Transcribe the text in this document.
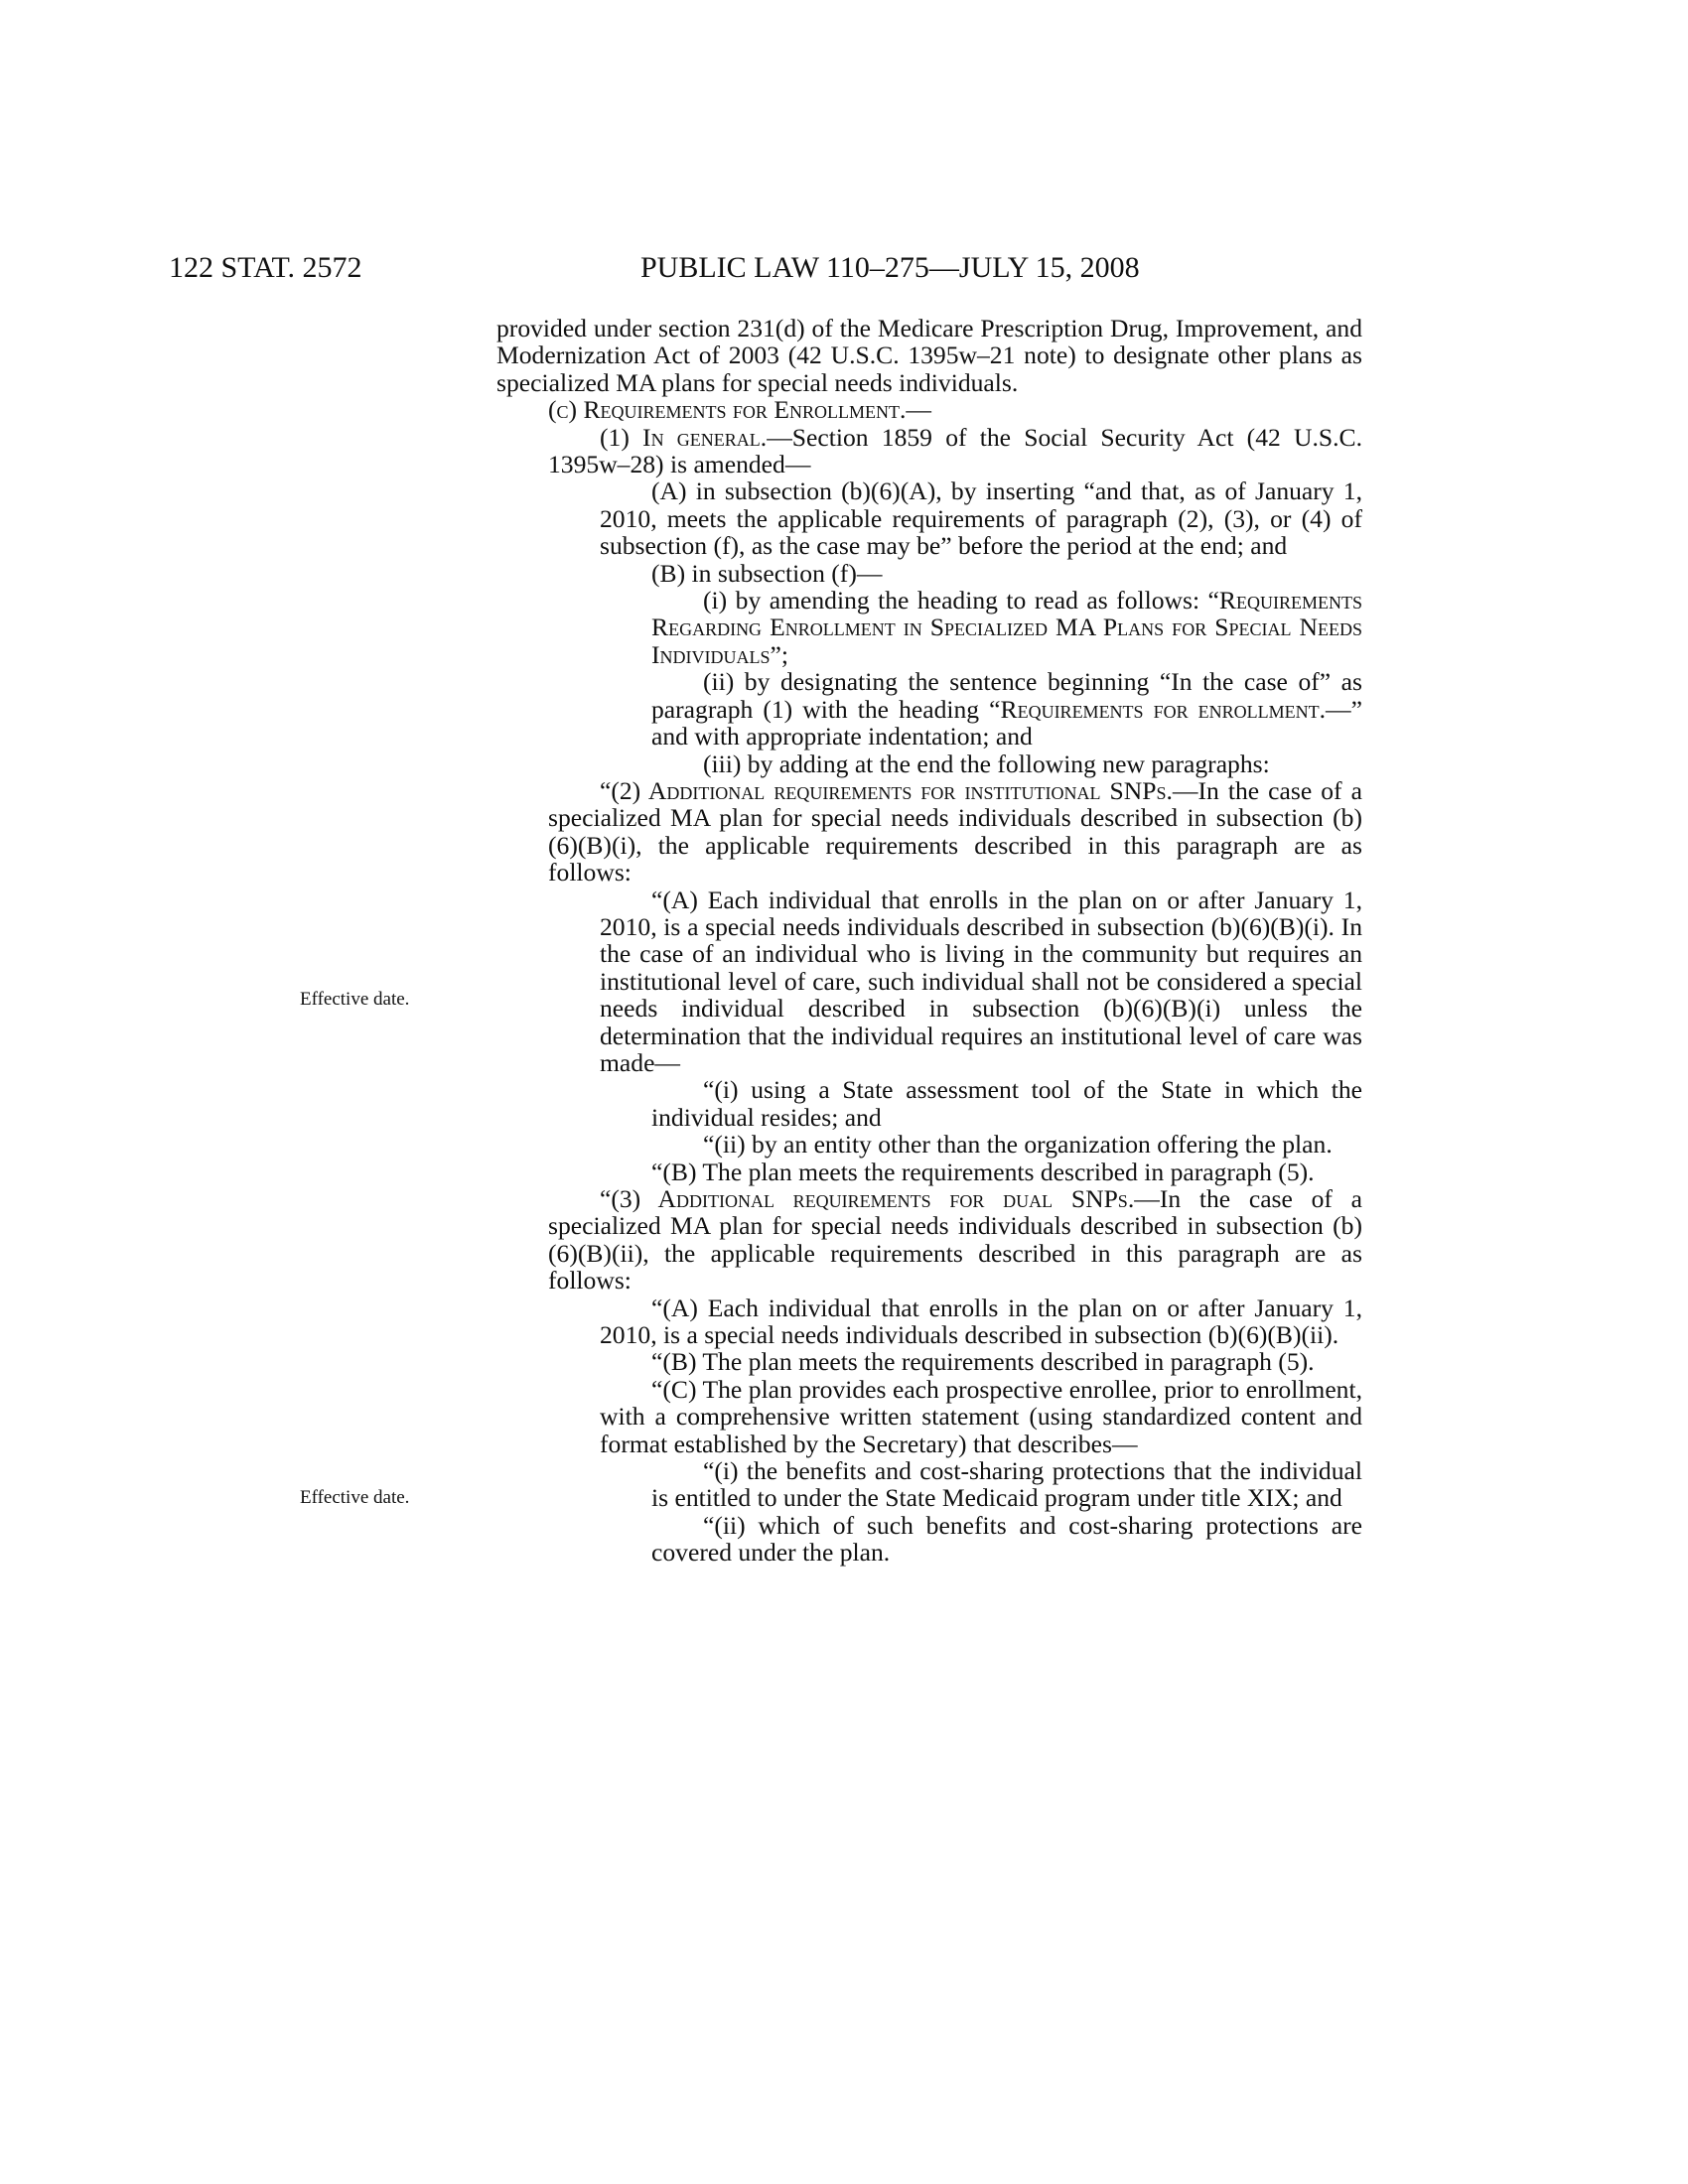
122 STAT. 2572	PUBLIC LAW 110–275—JULY 15, 2008
Effective date.
Effective date.

provided under section 231(d) of the Medicare Prescription Drug, Improvement, and Modernization Act of 2003 (42 U.S.C. 1395w–21 note) to designate other plans as specialized MA plans for special needs individuals.

(c) Requirements for Enrollment.—

(1) In general.—Section 1859 of the Social Security Act (42 U.S.C. 1395w–28) is amended—

(A) in subsection (b)(6)(A), by inserting “and that, as of January 1, 2010, meets the applicable requirements of paragraph (2), (3), or (4) of subsection (f), as the case may be” before the period at the end; and

(B) in subsection (f)—

(i) by amending the heading to read as follows: “Requirements Regarding Enrollment in Specialized MA Plans for Special Needs Individuals”;

(ii) by designating the sentence beginning “In the case of” as paragraph (1) with the heading “Requirements for enrollment.—” and with appropriate indentation; and

(iii) by adding at the end the following new paragraphs:

“(2) Additional requirements for institutional SNPs.—In the case of a specialized MA plan for special needs individuals described in subsection (b)(6)(B)(i), the applicable requirements described in this paragraph are as follows:

“(A) Each individual that enrolls in the plan on or after January 1, 2010, is a special needs individuals described in subsection (b)(6)(B)(i). In the case of an individual who is living in the community but requires an institutional level of care, such individual shall not be considered a special needs individual described in subsection (b)(6)(B)(i) unless the determination that the individual requires an institutional level of care was made—

“(i) using a State assessment tool of the State in which the individual resides; and

“(ii) by an entity other than the organization offering the plan.

“(B) The plan meets the requirements described in paragraph (5).

“(3) Additional requirements for dual SNPs.—In the case of a specialized MA plan for special needs individuals described in subsection (b)(6)(B)(ii), the applicable requirements described in this paragraph are as follows:

“(A) Each individual that enrolls in the plan on or after January 1, 2010, is a special needs individuals described in subsection (b)(6)(B)(ii).

“(B) The plan meets the requirements described in paragraph (5).

“(C) The plan provides each prospective enrollee, prior to enrollment, with a comprehensive written statement (using standardized content and format established by the Secretary) that describes—

“(i) the benefits and cost-sharing protections that the individual is entitled to under the State Medicaid program under title XIX; and

“(ii) which of such benefits and cost-sharing protections are covered under the plan.
